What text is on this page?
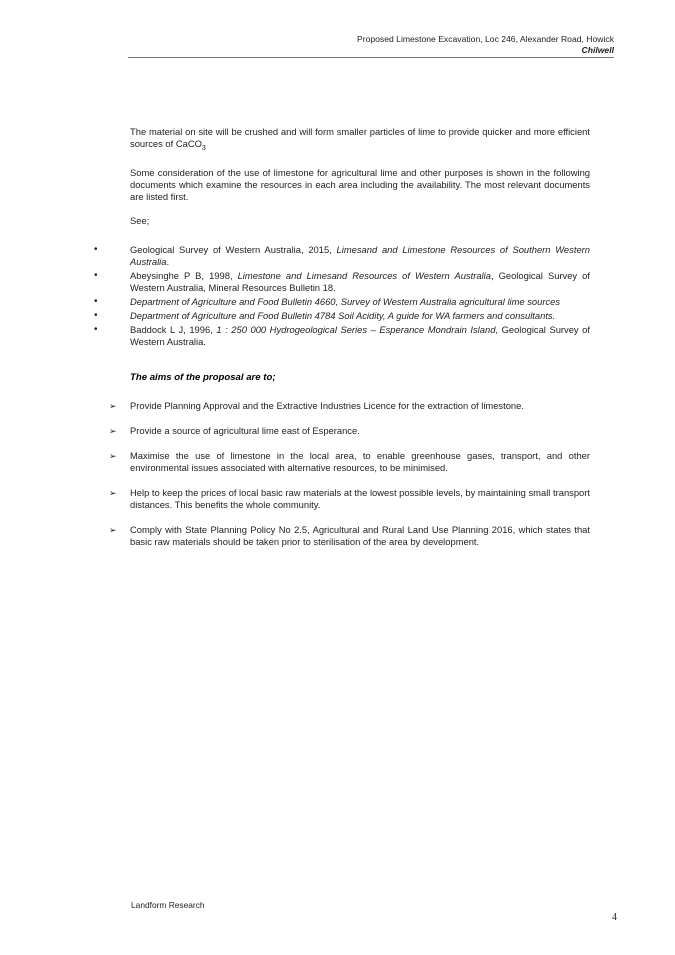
Proposed Limestone Excavation, Loc 246, Alexander Road, Howick
Chilwell

The material on site will be crushed and will form smaller particles of lime to provide quicker and more efficient sources of CaCO$_3$

Some consideration of the use of limestone for agricultural lime and other purposes is shown in the following documents which examine the resources in each area including the availability. The most relevant documents are listed first.

See;

• Geological Survey of Western Australia, 2015, Limesand and Limestone Resources of Southern Western Australia.
• Abeysinghe P B, 1998, Limestone and Limesand Resources of Western Australia, Geological Survey of Western Australia, Mineral Resources Bulletin 18.
• Department of Agriculture and Food Bulletin 4660, Survey of Western Australia agricultural lime sources
• Department of Agriculture and Food Bulletin 4784 Soil Acidity, A guide for WA farmers and consultants.
• Baddock L J, 1996, 1 : 250 000 Hydrogeological Series – Esperance Mondrain Island, Geological Survey of Western Australia.

The aims of the proposal are to;

➢ Provide Planning Approval and the Extractive Industries Licence for the extraction of limestone.
➢ Provide a source of agricultural lime east of Esperance.
➢ Maximise the use of limestone in the local area, to enable greenhouse gases, transport, and other environmental issues associated with alternative resources, to be minimised.
➢ Help to keep the prices of local basic raw materials at the lowest possible levels, by maintaining small transport distances. This benefits the whole community.
➢ Comply with State Planning Policy No 2.5, Agricultural and Rural Land Use Planning 2016, which states that basic raw materials should be taken prior to sterilisation of the area by development.
Landform Research
4
